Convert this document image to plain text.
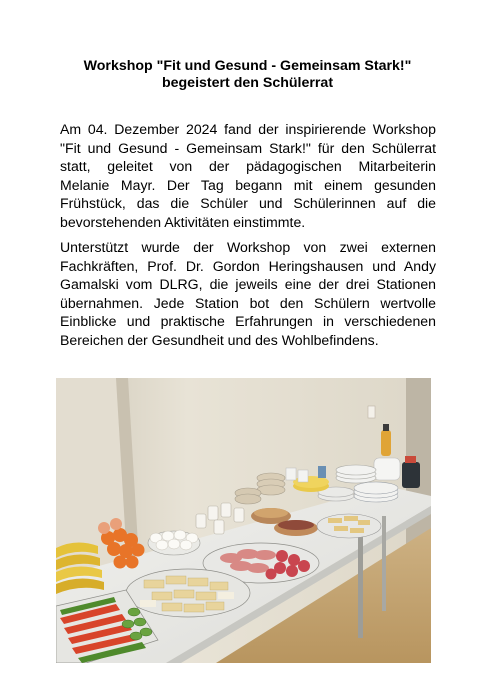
Workshop "Fit und Gesund - Gemeinsam Stark!"
begeistert den Schülerrat
Am 04. Dezember 2024 fand der inspirierende Workshop
"Fit und Gesund - Gemeinsam Stark!" für den Schülerrat
statt, geleitet von der pädagogischen Mitarbeiterin
Melanie Mayr. Der Tag begann mit einem gesunden
Frühstück, das die Schüler und Schülerinnen auf die
bevorstehenden Aktivitäten einstimmte.
Unterstützt wurde der Workshop von zwei externen
Fachkräften, Prof. Dr. Gordon Heringshausen und Andy
Gamalski vom DLRG, die jeweils eine der drei Stationen
übernahmen. Jede Station bot den Schülern wertvolle
Einblicke und praktische Erfahrungen in verschiedenen
Bereichen der Gesundheit und des Wohlbefindens.
